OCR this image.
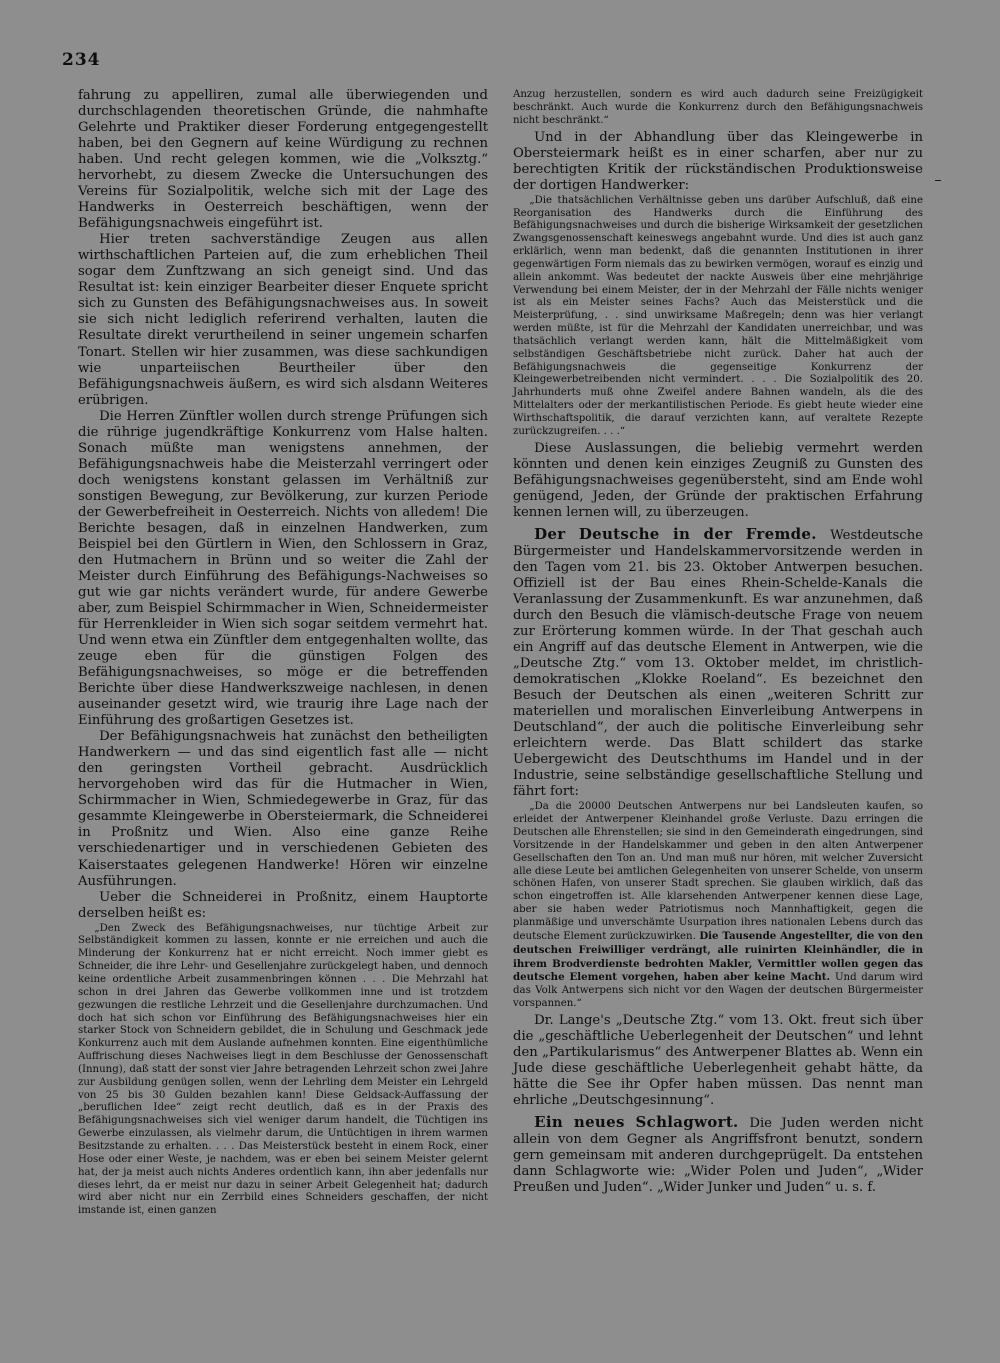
234

fahrung zu appelliren, zumal alle überwiegenden und durchschlagenden theoretischen Gründe, die nahmhafte Gelehrte und Praktiker dieser Forderung entgegengestellt haben, bei den Gegnern auf keine Würdigung zu rechnen haben. Und recht gelegen kommen, wie die „Volksztg.“ hervorhebt, zu diesem Zwecke die Untersuchungen des Vereins für Sozialpolitik, welche sich mit der Lage des Handwerks in Oesterreich beschäftigen, wenn der Befähigungsnachweis eingeführt ist.

Hier treten sachverständige Zeugen aus allen wirthschaftlichen Parteien auf, die zum erheblichen Theil sogar dem Zunftzwang an sich geneigt sind. Und das Resultat ist: kein einziger Bearbeiter dieser Enquete spricht sich zu Gunsten des Befähigungsnachweises aus. In soweit sie sich nicht lediglich referirend verhalten, lauten die Resultate direkt verurtheilend in seiner ungemein scharfen Tonart. Stellen wir hier zusammen, was diese sachkundigen wie unparteiischen Beurtheiler über den Befähigungsnachweis äußern, es wird sich alsdann Weiteres erübrigen.

Die Herren Zünftler wollen durch strenge Prüfungen sich die rührige jugendkräftige Konkurrenz vom Halse halten. Sonach müßte man wenigstens annehmen, der Befähigungsnachweis habe die Meisterzahl verringert oder doch wenigstens konstant gelassen im Verhältniß zur sonstigen Bewegung, zur Bevölkerung, zur kurzen Periode der Gewerbefreiheit in Oesterreich. Nichts von alledem! Die Berichte besagen, daß in einzelnen Handwerken, zum Beispiel bei den Gürtlern in Wien, den Schlossern in Graz, den Hutmachern in Brünn und so weiter die Zahl der Meister durch Einführung des Befähigungs-Nachweises so gut wie gar nichts verändert wurde, für andere Gewerbe aber, zum Beispiel Schirmmacher in Wien, Schneidermeister für Herrenkleider in Wien sich sogar seitdem vermehrt hat. Und wenn etwa ein Zünftler dem entgegenhalten wollte, das zeuge eben für die günstigen Folgen des Befähigungsnachweises, so möge er die betreffenden Berichte über diese Handwerkszweige nachlesen, in denen auseinander gesetzt wird, wie traurig ihre Lage nach der Einführung des großartigen Gesetzes ist.

Der Befähigungsnachweis hat zunächst den betheiligten Handwerkern — und das sind eigentlich fast alle — nicht den geringsten Vortheil gebracht. Ausdrücklich hervorgehoben wird das für die Hutmacher in Wien, Schirmmacher in Wien, Schmiedegewerbe in Graz, für das gesammte Kleingewerbe in Obersteiermark, die Schneiderei in Proßnitz und Wien. Also eine ganze Reihe verschiedenartiger und in verschiedenen Gebieten des Kaiserstaates gelegenen Handwerke! Hören wir einzelne Ausführungen.

Ueber die Schneiderei in Proßnitz, einem Hauptorte derselben heißt es:

„Den Zweck des Befähigungsnachweises, nur tüchtige Arbeit zur Selbständigkeit kommen zu lassen, konnte er nie erreichen und auch die Minderung der Konkurrenz hat er nicht erreicht. Noch immer giebt es Schneider, die ihre Lehr- und Gesellenjahre zurückgelegt haben, und dennoch keine ordentliche Arbeit zusammenbringen können . . . Die Mehrzahl hat schon in drei Jahren das Gewerbe vollkommen inne und ist trotzdem gezwungen die restliche Lehrzeit und die Gesellenjahre durchzumachen. Und doch hat sich schon vor Einführung des Befähigungsnachweises hier ein starker Stock von Schneidern gebildet, die in Schulung und Geschmack jede Konkurrenz auch mit dem Auslande aufnehmen konnten. Eine eigenthümliche Auffrischung dieses Nachweises liegt in dem Beschlusse der Genossenschaft (Innung), daß statt der sonst vier Jahre betragenden Lehrzeit schon zwei Jahre zur Ausbildung genügen sollen, wenn der Lehrling dem Meister ein Lehrgeld von 25 bis 30 Gulden bezahlen kann! Diese Geldsack-Auffassung der „beruflichen Idee“ zeigt recht deutlich, daß es in der Praxis des Befähigungsnachweises sich viel weniger darum handelt, die Tüchtigen ins Gewerbe einzulassen, als vielmehr darum, die Untüchtigen in ihrem warmen Besitzstande zu erhalten. . . . Das Meisterstück besteht in einem Rock, einer Hose oder einer Weste, je nachdem, was er eben bei seinem Meister gelernt hat, der ja meist auch nichts Anderes ordentlich kann, ihn aber jedenfalls nur dieses lehrt, da er meist nur dazu in seiner Arbeit Gelegenheit hat; dadurch wird aber nicht nur ein Zerrbild eines Schneiders geschaffen, der nicht imstande ist, einen ganzen

Anzug herzustellen, sondern es wird auch dadurch seine Freizügigkeit beschränkt. Auch wurde die Konkurrenz durch den Befähigungsnachweis nicht beschränkt.“

Und in der Abhandlung über das Kleingewerbe in Obersteiermark heißt es in einer scharfen, aber nur zu berechtigten Kritik der rückständischen Produktionsweise der dortigen Handwerker:

„Die thatsächlichen Verhältnisse geben uns darüber Aufschluß, daß eine Reorganisation des Handwerks durch die Einführung des Befähigungsnachweises und durch die bisherige Wirksamkeit der gesetzlichen Zwangsgenossenschaft keineswegs angebahnt wurde. Und dies ist auch ganz erklärlich, wenn man bedenkt, daß die genannten Institutionen in ihrer gegenwärtigen Form niemals das zu bewirken vermögen, worauf es einzig und allein ankommt. Was bedeutet der nackte Ausweis über eine mehrjährige Verwendung bei einem Meister, der in der Mehrzahl der Fälle nichts weniger ist als ein Meister seines Fachs? Auch das Meisterstück und die Meisterprüfung, . . sind unwirksame Maßregeln; denn was hier verlangt werden müßte, ist für die Mehrzahl der Kandidaten unerreichbar, und was thatsächlich verlangt werden kann, hält die Mittelmäßigkeit vom selbständigen Geschäftsbetriebe nicht zurück. Daher hat auch der Befähigungsnachweis die gegenseitige Konkurrenz der Kleingewerbetreibenden nicht vermindert. . . . Die Sozialpolitik des 20. Jahrhunderts muß ohne Zweifel andere Bahnen wandeln, als die des Mittelalters oder der merkantilistischen Periode. Es giebt heute wieder eine Wirthschaftspolitik, die darauf verzichten kann, auf veraltete Rezepte zurückzugreifen. . . .“

Diese Auslassungen, die beliebig vermehrt werden könnten und denen kein einziges Zeugniß zu Gunsten des Befähigungsnachweises gegenübersteht, sind am Ende wohl genügend, Jeden, der Gründe der praktischen Erfahrung kennen lernen will, zu überzeugen.

Der Deutsche in der Fremde. Westdeutsche Bürgermeister und Handelskammervorsitzende werden in den Tagen vom 21. bis 23. Oktober Antwerpen besuchen. Offiziell ist der Bau eines Rhein-Schelde-Kanals die Veranlassung der Zusammenkunft. Es war anzunehmen, daß durch den Besuch die vlämisch-deutsche Frage von neuem zur Erörterung kommen würde. In der That geschah auch ein Angriff auf das deutsche Element in Antwerpen, wie die „Deutsche Ztg.“ vom 13. Oktober meldet, im christlich-demokratischen „Klokke Roeland“. Es bezeichnet den Besuch der Deutschen als einen „weiteren Schritt zur materiellen und moralischen Einverleibung Antwerpens in Deutschland“, der auch die politische Einverleibung sehr erleichtern werde. Das Blatt schildert das starke Uebergewicht des Deutschthums im Handel und in der Industrie, seine selbständige gesellschaftliche Stellung und fährt fort:

„Da die 20000 Deutschen Antwerpens nur bei Landsleuten kaufen, so erleidet der Antwerpener Kleinhandel große Verluste. Dazu erringen die Deutschen alle Ehrenstellen; sie sind in den Gemeinderath eingedrungen, sind Vorsitzende in der Handelskammer und geben in den alten Antwerpener Gesellschaften den Ton an. Und man muß nur hören, mit welcher Zuversicht alle diese Leute bei amtlichen Gelegenheiten von unserer Schelde, von unserm schönen Hafen, von unserer Stadt sprechen. Sie glauben wirklich, daß das schon eingetroffen ist. Alle klarsehenden Antwerpener kennen diese Lage, aber sie haben weder Patriotismus noch Mannhaftigkeit, gegen die planmäßige und unverschämte Usurpation ihres nationalen Lebens durch das deutsche Element zurückzuwirken. Die Tausende Angestellter, die von den deutschen Freiwilliger verdrängt, alle ruinirten Kleinhändler, die in ihrem Brodverdienste bedrohten Makler, Vermittler wollen gegen das deutsche Element vorgehen, haben aber keine Macht. Und darum wird das Volk Antwerpens sich nicht vor den Wagen der deutschen Bürgermeister vorspannen.“

Dr. Lange's „Deutsche Ztg.“ vom 13. Okt. freut sich über die „geschäftliche Ueberlegenheit der Deutschen“ und lehnt den „Partikularismus“ des Antwerpener Blattes ab. Wenn ein Jude diese geschäftliche Ueberlegenheit gehabt hätte, da hätte die See ihr Opfer haben müssen. Das nennt man ehrliche „Deutschgesinnung“.

Ein neues Schlagwort. Die Juden werden nicht allein von dem Gegner als Angriffsfront benutzt, sondern gern gemeinsam mit anderen durchgeprügelt. Da entstehen dann Schlagworte wie: „Wider Polen und Juden“, „Wider Preußen und Juden“. „Wider Junker und Juden“ u. s. f.
